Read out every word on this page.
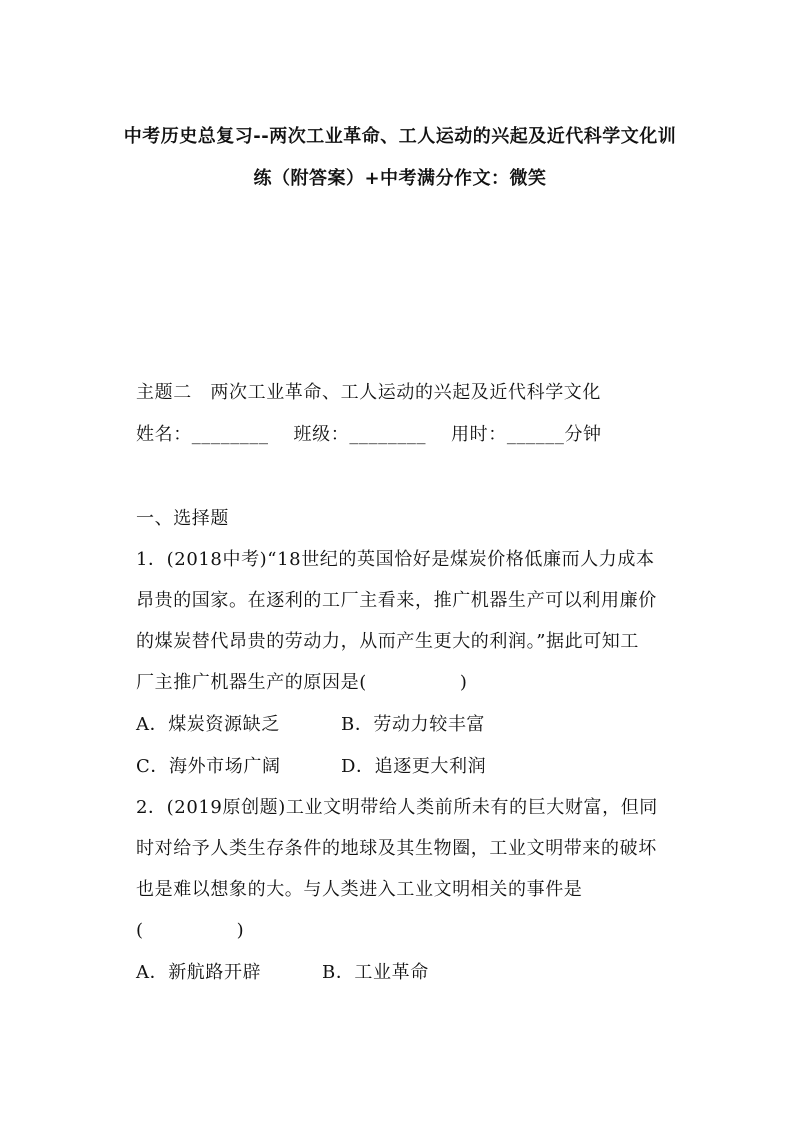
中考历史总复习--两次工业革命、工人运动的兴起及近代科学文化训
练（附答案）+中考满分作文：微笑
主题二　两次工业革命、工人运动的兴起及近代科学文化
姓名：________　 班级：________　 用时：______分钟
一、选择题
1．(2018中考)“18世纪的英国恰好是煤炭价格低廉而人力成本
昂贵的国家。在逐利的工厂主看来，推广机器生产可以利用廉价
的煤炭替代昂贵的劳动力，从而产生更大的利润。”据此可知工
厂主推广机器生产的原因是(　　　　　)
A．煤炭资源缺乏	B．劳动力较丰富
C．海外市场广阔	D．追逐更大利润
2．(2019原创题)工业文明带给人类前所未有的巨大财富，但同
时对给予人类生存条件的地球及其生物圈，工业文明带来的破坏
也是难以想象的大。与人类进入工业文明相关的事件是
(　　　　　)
A．新航路开辟	B．工业革命
